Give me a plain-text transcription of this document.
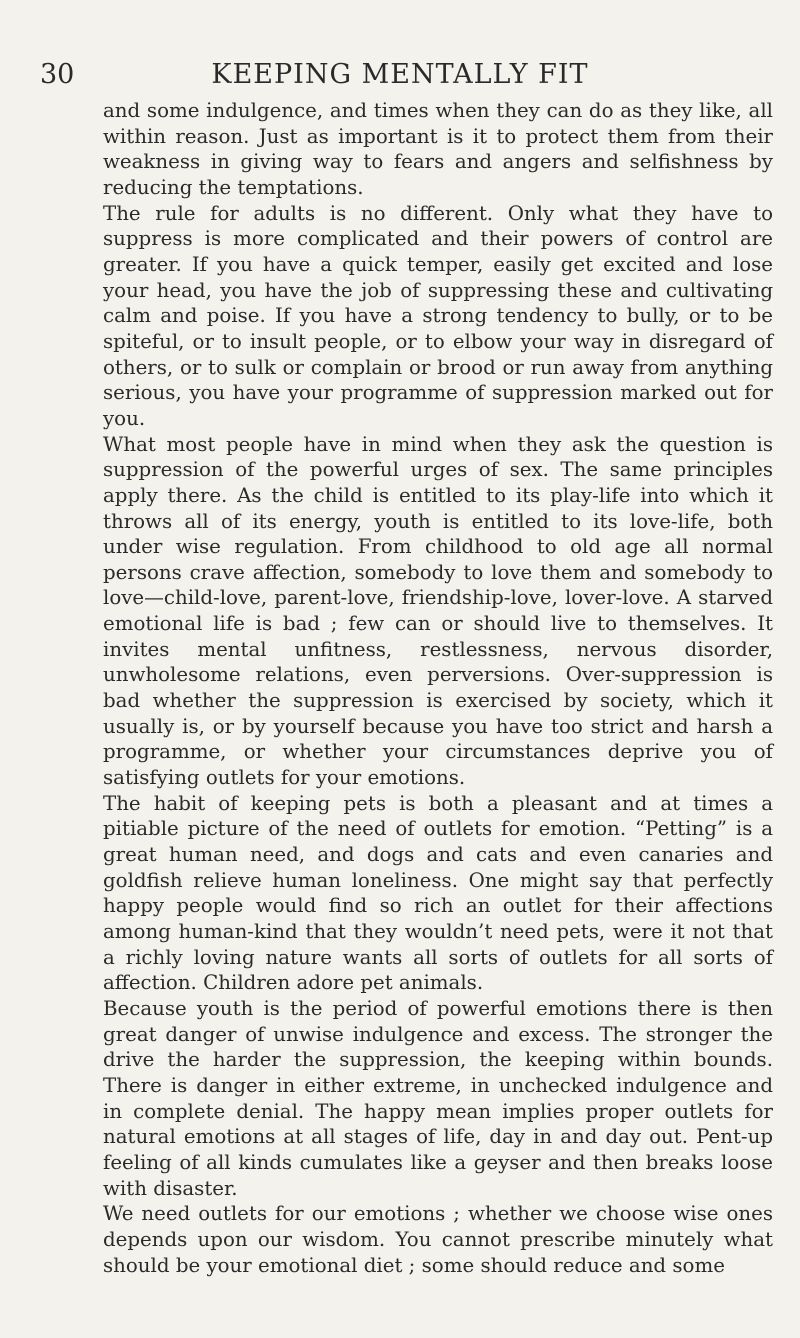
30	KEEPING MENTALLY FIT

and some indulgence, and times when they can do as they like, all within reason. Just as important is it to protect them from their weakness in giving way to fears and angers and selfishness by reducing the temptations.

The rule for adults is no different. Only what they have to suppress is more complicated and their powers of control are greater. If you have a quick temper, easily get excited and lose your head, you have the job of suppressing these and cultivating calm and poise. If you have a strong tendency to bully, or to be spiteful, or to insult people, or to elbow your way in disregard of others, or to sulk or complain or brood or run away from anything serious, you have your programme of suppression marked out for you.

What most people have in mind when they ask the question is suppression of the powerful urges of sex. The same principles apply there. As the child is entitled to its play-life into which it throws all of its energy, youth is entitled to its love-life, both under wise regulation. From childhood to old age all normal persons crave affection, somebody to love them and somebody to love—child-love, parent-love, friendship-love, lover-love. A starved emotional life is bad ; few can or should live to themselves. It invites mental unfitness, restlessness, nervous disorder, unwholesome relations, even perversions. Over-suppression is bad whether the suppression is exercised by society, which it usually is, or by yourself because you have too strict and harsh a programme, or whether your circumstances deprive you of satisfying outlets for your emotions.

The habit of keeping pets is both a pleasant and at times a pitiable picture of the need of outlets for emotion. “Petting” is a great human need, and dogs and cats and even canaries and goldfish relieve human loneliness. One might say that perfectly happy people would find so rich an outlet for their affections among human-kind that they wouldn’t need pets, were it not that a richly loving nature wants all sorts of outlets for all sorts of affection. Children adore pet animals.

Because youth is the period of powerful emotions there is then great danger of unwise indulgence and excess. The stronger the drive the harder the suppression, the keeping within bounds. There is danger in either extreme, in unchecked indulgence and in complete denial. The happy mean implies proper outlets for natural emotions at all stages of life, day in and day out. Pent-up feeling of all kinds cumulates like a geyser and then breaks loose with disaster.

We need outlets for our emotions ; whether we choose wise ones depends upon our wisdom. You cannot prescribe minutely what should be your emotional diet ; some should reduce and some
